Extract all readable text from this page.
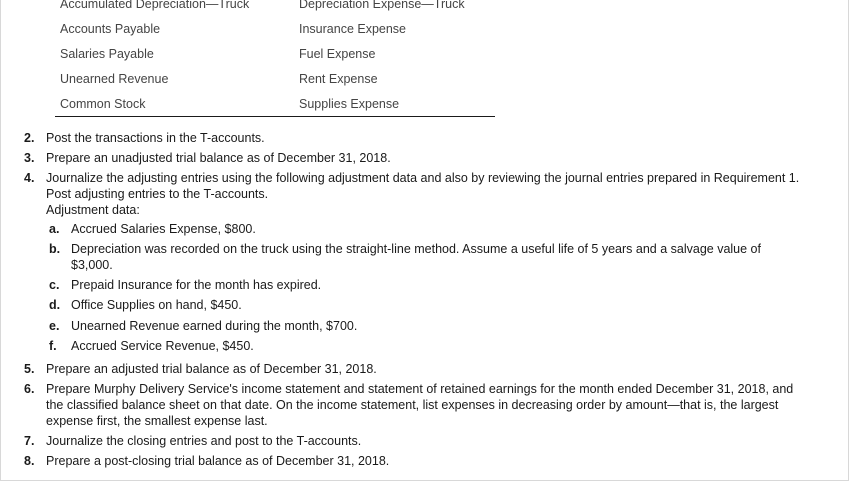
Accumulated Depreciation—Truck	Depreciation Expense—Truck
Accounts Payable	Insurance Expense
Salaries Payable	Fuel Expense
Unearned Revenue	Rent Expense
Common Stock	Supplies Expense
2. Post the transactions in the T-accounts.
3. Prepare an unadjusted trial balance as of December 31, 2018.
4. Journalize the adjusting entries using the following adjustment data and also by reviewing the journal entries prepared in Requirement 1.
Post adjusting entries to the T-accounts.
Adjustment data:
a. Accrued Salaries Expense, $800.
b. Depreciation was recorded on the truck using the straight-line method. Assume a useful life of 5 years and a salvage value of
$3,000.
c. Prepaid Insurance for the month has expired.
d. Office Supplies on hand, $450.
e. Unearned Revenue earned during the month, $700.
f. Accrued Service Revenue, $450.
5. Prepare an adjusted trial balance as of December 31, 2018.
6. Prepare Murphy Delivery Service's income statement and statement of retained earnings for the month ended December 31, 2018, and
the classified balance sheet on that date. On the income statement, list expenses in decreasing order by amount—that is, the largest
expense first, the smallest expense last.
7. Journalize the closing entries and post to the T-accounts.
8. Prepare a post-closing trial balance as of December 31, 2018.
